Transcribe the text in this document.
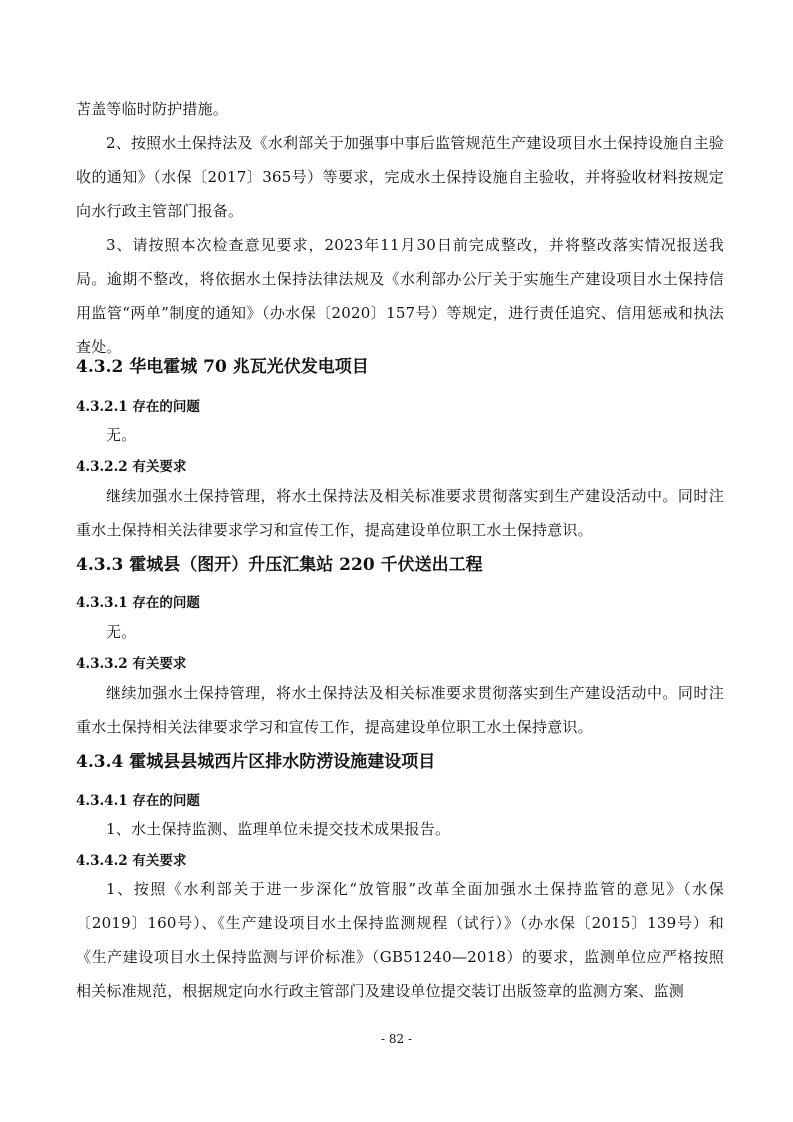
苫盖等临时防护措施。

2、按照水土保持法及《水利部关于加强事中事后监管规范生产建设项目水土保持设施自主验收的通知》（水保〔2017〕365号）等要求，完成水土保持设施自主验收，并将验收材料按规定向水行政主管部门报备。

3、请按照本次检查意见要求，2023年11月30日前完成整改，并将整改落实情况报送我局。逾期不整改，将依据水土保持法律法规及《水利部办公厅关于实施生产建设项目水土保持信用监管“两单”制度的通知》（办水保〔2020〕157号）等规定，进行责任追究、信用惩戒和执法查处。

4.3.2 华电霍城 70 兆瓦光伏发电项目
4.3.2.1 存在的问题

无。

4.3.2.2 有关要求

继续加强水土保持管理，将水土保持法及相关标准要求贯彻落实到生产建设活动中。同时注重水土保持相关法律要求学习和宣传工作，提高建设单位职工水土保持意识。

4.3.3 霍城县（图开）升压汇集站 220 千伏送出工程
4.3.3.1 存在的问题

无。

4.3.3.2 有关要求

继续加强水土保持管理，将水土保持法及相关标准要求贯彻落实到生产建设活动中。同时注重水土保持相关法律要求学习和宣传工作，提高建设单位职工水土保持意识。

4.3.4 霍城县县城西片区排水防涝设施建设项目
4.3.4.1 存在的问题

1、水土保持监测、监理单位未提交技术成果报告。

4.3.4.2 有关要求

1、按照《水利部关于进一步深化“放管服”改革全面加强水土保持监管的意见》（水保〔2019〕160号）、《生产建设项目水土保持监测规程（试行）》（办水保〔2015〕139号）和《生产建设项目水土保持监测与评价标准》（GB51240—2018）的要求，监测单位应严格按照相关标准规范，根据规定向水行政主管部门及建设单位提交装订出版签章的监测方案、监测

- 82 -
